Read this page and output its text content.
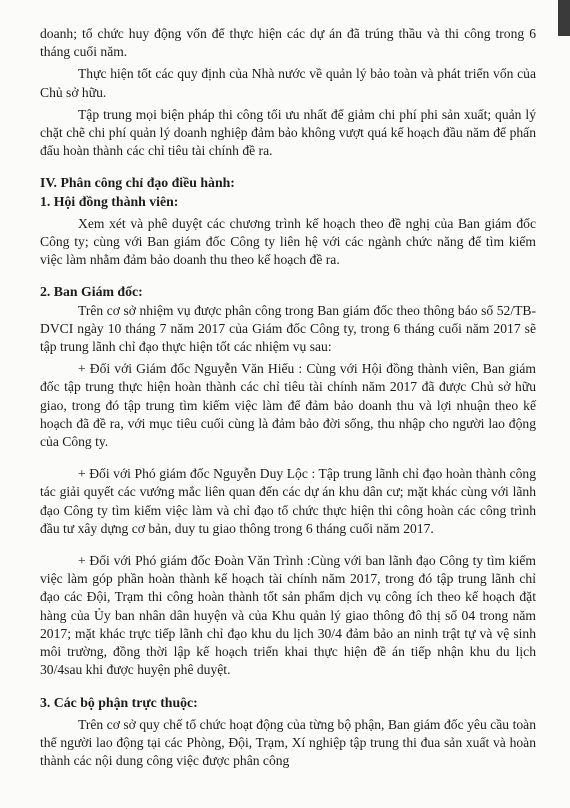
doanh; tổ chức huy động vốn để thực hiện các dự án đã trúng thầu và thi công trong 6 tháng cuối năm.

Thực hiện tốt các quy định của Nhà nước về quản lý bảo toàn và phát triển vốn của Chủ sở hữu.

Tập trung mọi biện pháp thi công tối ưu nhất để giảm chi phí phi sản xuất; quản lý chặt chẽ chi phí quản lý doanh nghiệp đảm bảo không vượt quá kế hoạch đầu năm để phấn đấu hoàn thành các chỉ tiêu tài chính đề ra.

IV. Phân công chỉ đạo điều hành:

1. Hội đồng thành viên:

Xem xét và phê duyệt các chương trình kế hoạch theo đề nghị của Ban giám đốc Công ty; cùng với Ban giám đốc Công ty liên hệ với các ngành chức năng để tìm kiếm việc làm nhằm đảm bảo doanh thu theo kế hoạch đề ra.

2. Ban Giám đốc:

Trên cơ sở nhiệm vụ được phân công trong Ban giám đốc theo thông báo số 52/TB-DVCI ngày 10 tháng 7 năm 2017 của Giám đốc Công ty, trong 6 tháng cuối năm 2017 sẽ tập trung lãnh chỉ đạo thực hiện tốt các nhiệm vụ sau:

+ Đối với Giám đốc Nguyễn Văn Hiếu : Cùng với Hội đồng thành viên, Ban giám đốc tập trung thực hiện hoàn thành các chỉ tiêu tài chính năm 2017 đã được Chủ sở hữu giao, trong đó tập trung tìm kiếm việc làm để đảm bảo doanh thu và lợi nhuận theo kế hoạch đã đề ra, với mục tiêu cuối cùng là đảm bảo đời sống, thu nhập cho người lao động của Công ty.

+ Đối với Phó giám đốc Nguyễn Duy Lộc : Tập trung lãnh chỉ đạo hoàn thành công tác giải quyết các vướng mắc liên quan đến các dự án khu dân cư; mặt khác cùng với lãnh đạo Công ty tìm kiếm việc làm và chỉ đạo tổ chức thực hiện thi công hoàn các công trình đầu tư xây dựng cơ bản, duy tu giao thông trong 6 tháng cuối năm 2017.

+ Đối với Phó giám đốc Đoàn Văn Trình :Cùng với ban lãnh đạo Công ty tìm kiếm việc làm góp phần hoàn thành kế hoạch tài chính năm 2017, trong đó tập trung lãnh chỉ đạo các Đội, Trạm thi công hoàn thành tốt sản phẩm dịch vụ công ích theo kế hoạch đặt hàng của Ủy ban nhân dân huyện và của Khu quản lý giao thông đô thị số 04 trong năm 2017; mặt khác trực tiếp lãnh chỉ đạo khu du lịch 30/4 đảm bảo an ninh trật tự và vệ sinh môi trường, đồng thời lập kế hoạch triển khai thực hiện đề án tiếp nhận khu du lịch 30/4sau khi được huyện phê duyệt.

3. Các bộ phận trực thuộc:

Trên cơ sở quy chế tổ chức hoạt động của từng bộ phận, Ban giám đốc yêu cầu toàn thể người lao động tại các Phòng, Đội, Trạm, Xí nghiệp tập trung thi đua sản xuất và hoàn thành các nội dung công việc được phân công
